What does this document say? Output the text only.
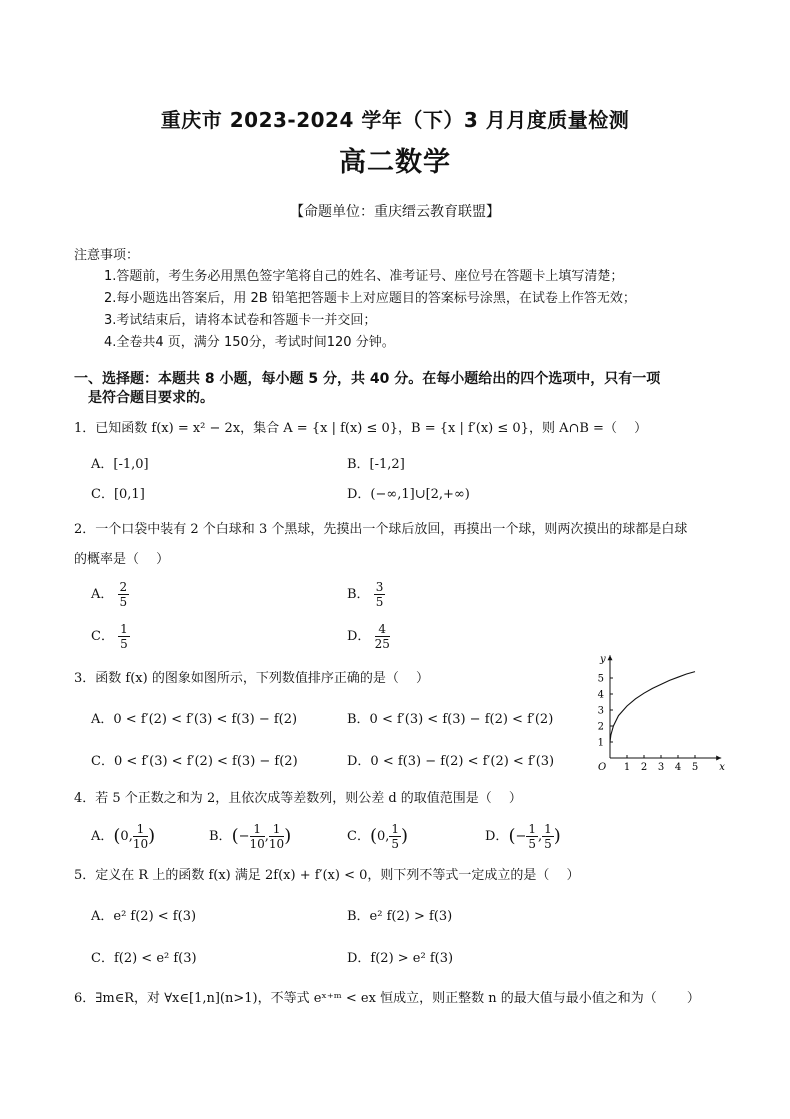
重庆市 2023-2024 学年（下）3 月月度质量检测
高二数学
【命题单位：重庆缙云教育联盟】
注意事项：
1.答题前，考生务必用黑色签字笔将自己的姓名、准考证号、座位号在答题卡上填写清楚；
2.每小题选出答案后，用 2B 铅笔把答题卡上对应题目的答案标号涂黑，在试卷上作答无效；
3.考试结束后，请将本试卷和答题卡一并交回；
4.全卷共4 页，满分 150分，考试时间120 分钟。
一、选择题：本题共 8 小题，每小题 5 分，共 40 分。在每小题给出的四个选项中，只有一项
是符合题目要求的。
1．已知函数 f(x) = x² − 2x，集合 A = {x | f(x) ≤ 0}，B = {x | f′(x) ≤ 0}，则 A∩B =（　 ）
A．[-1,0]	B．[-1,2]
C．[0,1]	D．(−∞,1]∪[2,+∞)
2．一个口袋中装有 2 个白球和 3 个黑球，先摸出一个球后放回，再摸出一个球，则两次摸出的球都是白球
的概率是（　 ）
A． $\frac{2}{5}$	B． $\frac{3}{5}$
C． $\frac{1}{5}$	D． $\frac{4}{25}$
3．函数 f(x) 的图象如图所示，下列数值排序正确的是（　 ）
A．0 < f′(2) < f′(3) < f(3) − f(2)	B．0 < f′(3) < f(3) − f(2) < f′(2)
C．0 < f′(3) < f′(2) < f(3) − f(2)	D．0 < f(3) − f(2) < f′(2) < f′(3)	1 2 3 4 5
1
2
3
4
5
x
y
O
4．若 5 个正数之和为 2，且依次成等差数列，则公差 d 的取值范围是（　 ）
A．(0, $\frac{1}{10}$ )	B．(− $\frac{1}{10}$ , $\frac{1}{10}$ )	C．(0, $\frac{1}{5}$ )	D．(− $\frac{1}{5}$ , $\frac{1}{5}$ )
5．定义在 R 上的函数 f(x) 满足 2f(x) + f′(x) < 0，则下列不等式一定成立的是（　 ）
A．e² f(2) < f(3)	B．e² f(2) > f(3)
C．f(2) < e² f(3)	D．f(2) > e² f(3)
6．∃m∈R，对 ∀x∈[1,n](n>1)，不等式 eˣ⁺ᵐ < ex 恒成立，则正整数 n 的最大值与最小值之和为（　　 ）
